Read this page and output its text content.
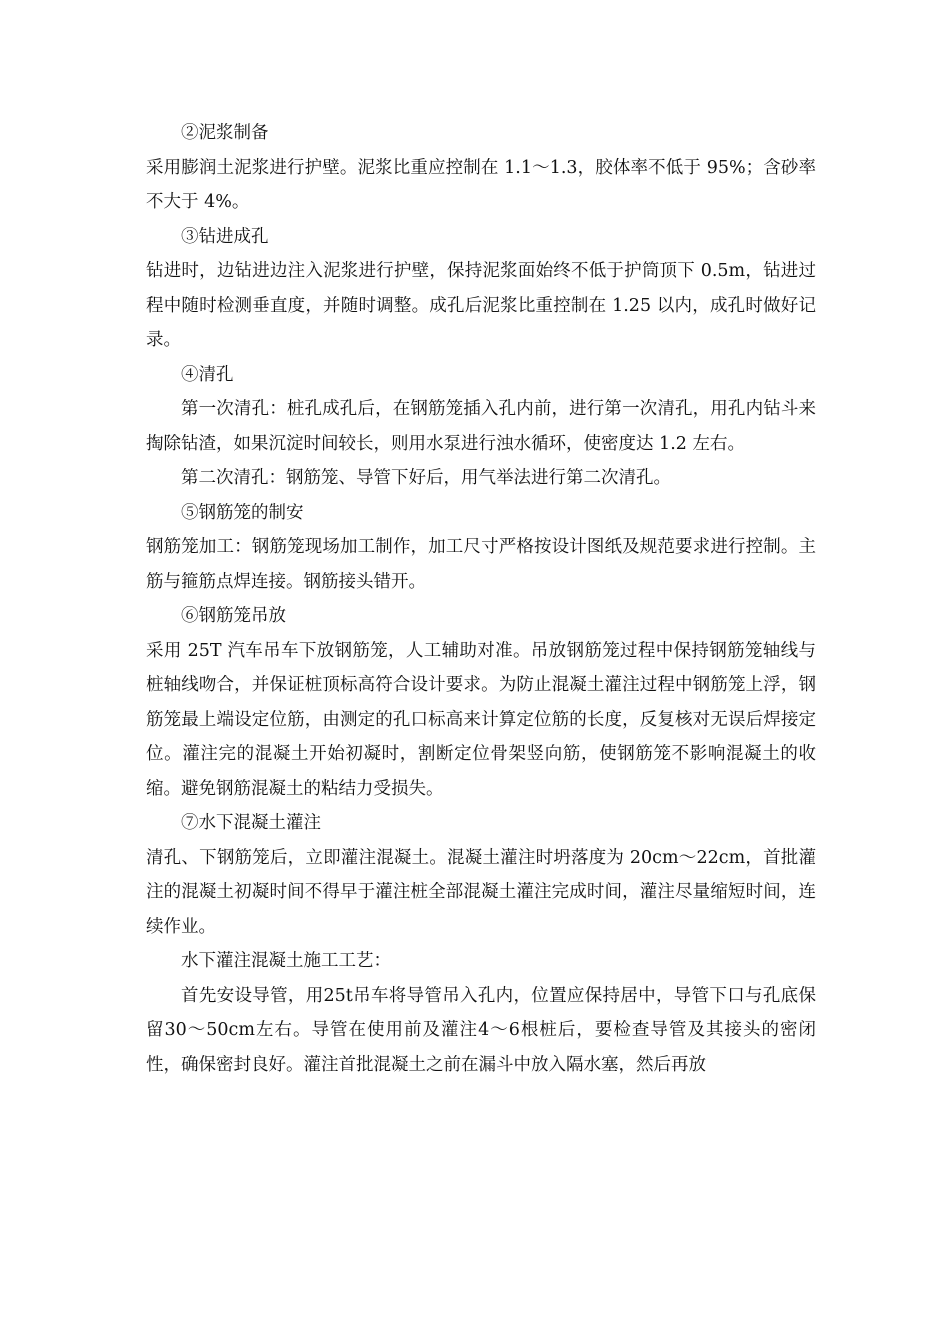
②泥浆制备

采用膨润土泥浆进行护壁。泥浆比重应控制在 1.1～1.3，胶体率不低于 95%；含砂率不大于 4%。

③钻进成孔

钻进时，边钻进边注入泥浆进行护壁，保持泥浆面始终不低于护筒顶下 0.5m，钻进过程中随时检测垂直度，并随时调整。成孔后泥浆比重控制在 1.25 以内，成孔时做好记录。

④清孔

第一次清孔：桩孔成孔后，在钢筋笼插入孔内前，进行第一次清孔，用孔内钻斗来掏除钻渣，如果沉淀时间较长，则用水泵进行浊水循环，使密度达 1.2 左右。

第二次清孔：钢筋笼、导管下好后，用气举法进行第二次清孔。

⑤钢筋笼的制安

钢筋笼加工：钢筋笼现场加工制作，加工尺寸严格按设计图纸及规范要求进行控制。主筋与箍筋点焊连接。钢筋接头错开。

⑥钢筋笼吊放

采用 25T 汽车吊车下放钢筋笼，人工辅助对准。吊放钢筋笼过程中保持钢筋笼轴线与桩轴线吻合，并保证桩顶标高符合设计要求。为防止混凝土灌注过程中钢筋笼上浮，钢筋笼最上端设定位筋，由测定的孔口标高来计算定位筋的长度，反复核对无误后焊接定位。灌注完的混凝土开始初凝时，割断定位骨架竖向筋，使钢筋笼不影响混凝土的收缩。避免钢筋混凝土的粘结力受损失。

⑦水下混凝土灌注

清孔、下钢筋笼后，立即灌注混凝土。混凝土灌注时坍落度为 20cm～22cm，首批灌注的混凝土初凝时间不得早于灌注桩全部混凝土灌注完成时间，灌注尽量缩短时间，连续作业。

水下灌注混凝土施工工艺：

首先安设导管，用25t吊车将导管吊入孔内，位置应保持居中，导管下口与孔底保留30～50cm左右。导管在使用前及灌注4～6根桩后，要检查导管及其接头的密闭性，确保密封良好。灌注首批混凝土之前在漏斗中放入隔水塞，然后再放
